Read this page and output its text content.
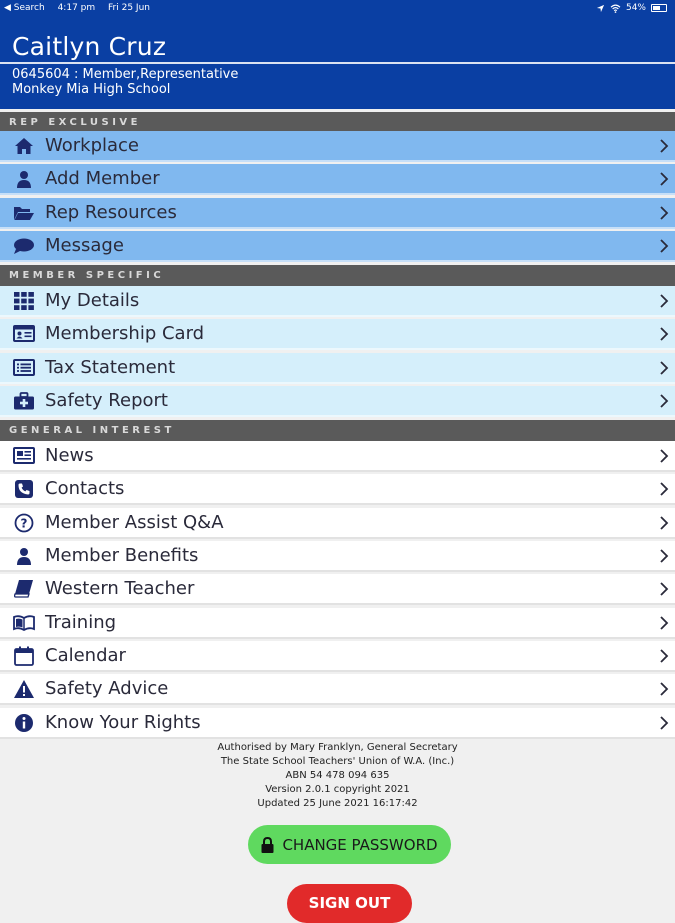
◀ Search 4:17 pm Fri 25 Jun	54%
Caitlyn Cruz
0645604 : Member,Representative
Monkey Mia High School
REP EXCLUSIVE
Workplace
Add Member
Rep Resources
Message
MEMBER SPECIFIC
My Details
Membership Card
Tax Statement
Safety Report
GENERAL INTEREST
News
Contacts
? Member Assist Q&A
Member Benefits
Western Teacher
Training
Calendar
Safety Advice
Know Your Rights
Authorised by Mary Franklyn, General Secretary
The State School Teachers' Union of W.A. (Inc.)
ABN 54 478 094 635
Version 2.0.1 copyright 2021
Updated 25 June 2021 16:17:42
CHANGE PASSWORD
SIGN OUT
